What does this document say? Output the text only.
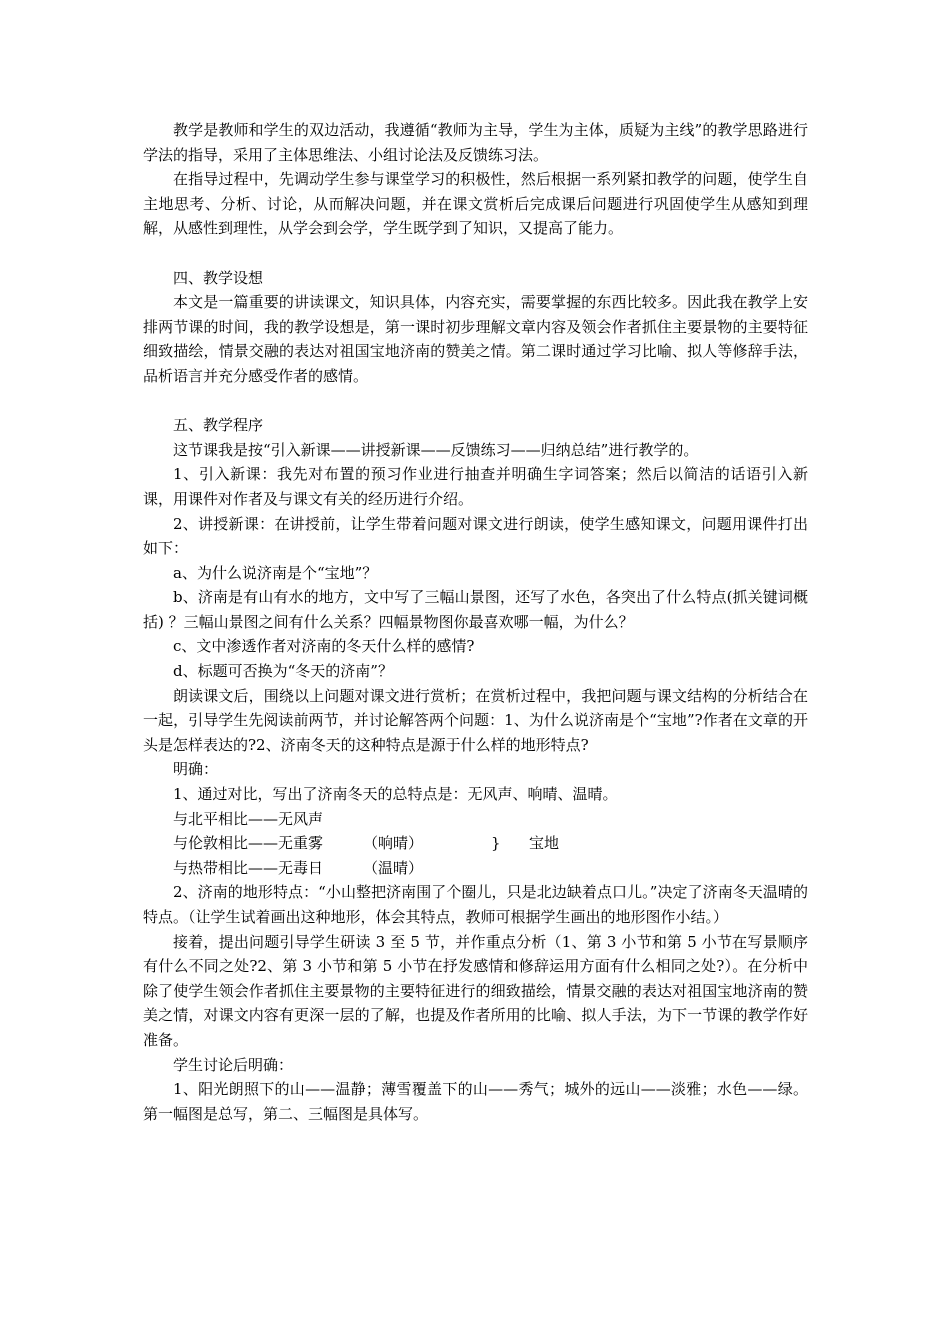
教学是教师和学生的双边活动，我遵循“教师为主导，学生为主体，质疑为主线”的教学思路进行学法的指导，采用了主体思维法、小组讨论法及反馈练习法。

在指导过程中，先调动学生参与课堂学习的积极性，然后根据一系列紧扣教学的问题，使学生自主地思考、分析、讨论，从而解决问题，并在课文赏析后完成课后问题进行巩固使学生从感知到理解，从感性到理性，从学会到会学，学生既学到了知识，又提高了能力。

四、教学设想

本文是一篇重要的讲读课文，知识具体，内容充实，需要掌握的东西比较多。因此我在教学上安排两节课的时间，我的教学设想是，第一课时初步理解文章内容及领会作者抓住主要景物的主要特征细致描绘，情景交融的表达对祖国宝地济南的赞美之情。第二课时通过学习比喻、拟人等修辞手法，品析语言并充分感受作者的感情。

五、教学程序

这节课我是按“引入新课——讲授新课——反馈练习——归纳总结”进行教学的。

1、引入新课：我先对布置的预习作业进行抽查并明确生字词答案；然后以简洁的话语引入新课，用课件对作者及与课文有关的经历进行介绍。

2、讲授新课：在讲授前，让学生带着问题对课文进行朗读，使学生感知课文，问题用课件打出如下：

a、为什么说济南是个“宝地”？

b、济南是有山有水的地方，文中写了三幅山景图，还写了水色，各突出了什么特点(抓关键词概括) ？三幅山景图之间有什么关系？四幅景物图你最喜欢哪一幅，为什么？

c、文中渗透作者对济南的冬天什么样的感情?

d、标题可否换为“冬天的济南”？

朗读课文后，围绕以上问题对课文进行赏析；在赏析过程中，我把问题与课文结构的分析结合在一起，引导学生先阅读前两节，并讨论解答两个问题：1、为什么说济南是个“宝地”?作者在文章的开头是怎样表达的?2、济南冬天的这种特点是源于什么样的地形特点?

明确：

1、通过对比，写出了济南冬天的总特点是：无风声、响晴、温晴。

与北平相比——无风声

与伦敦相比——无重雾	（响晴）	} 宝地

与热带相比——无毒日	（温晴）

2、济南的地形特点：“小山整把济南围了个圈儿，只是北边缺着点口儿。”决定了济南冬天温晴的特点。（让学生试着画出这种地形，体会其特点，教师可根据学生画出的地形图作小结。）

接着，提出问题引导学生研读 3 至 5 节，并作重点分析（1、第 3 小节和第 5 小节在写景顺序有什么不同之处?2、第 3 小节和第 5 小节在抒发感情和修辞运用方面有什么相同之处?）。在分析中除了使学生领会作者抓住主要景物的主要特征进行的细致描绘，情景交融的表达对祖国宝地济南的赞美之情，对课文内容有更深一层的了解，也提及作者所用的比喻、拟人手法，为下一节课的教学作好准备。

学生讨论后明确：

1、阳光朗照下的山——温静；薄雪覆盖下的山——秀气；城外的远山——淡雅；水色——绿。第一幅图是总写，第二、三幅图是具体写。
